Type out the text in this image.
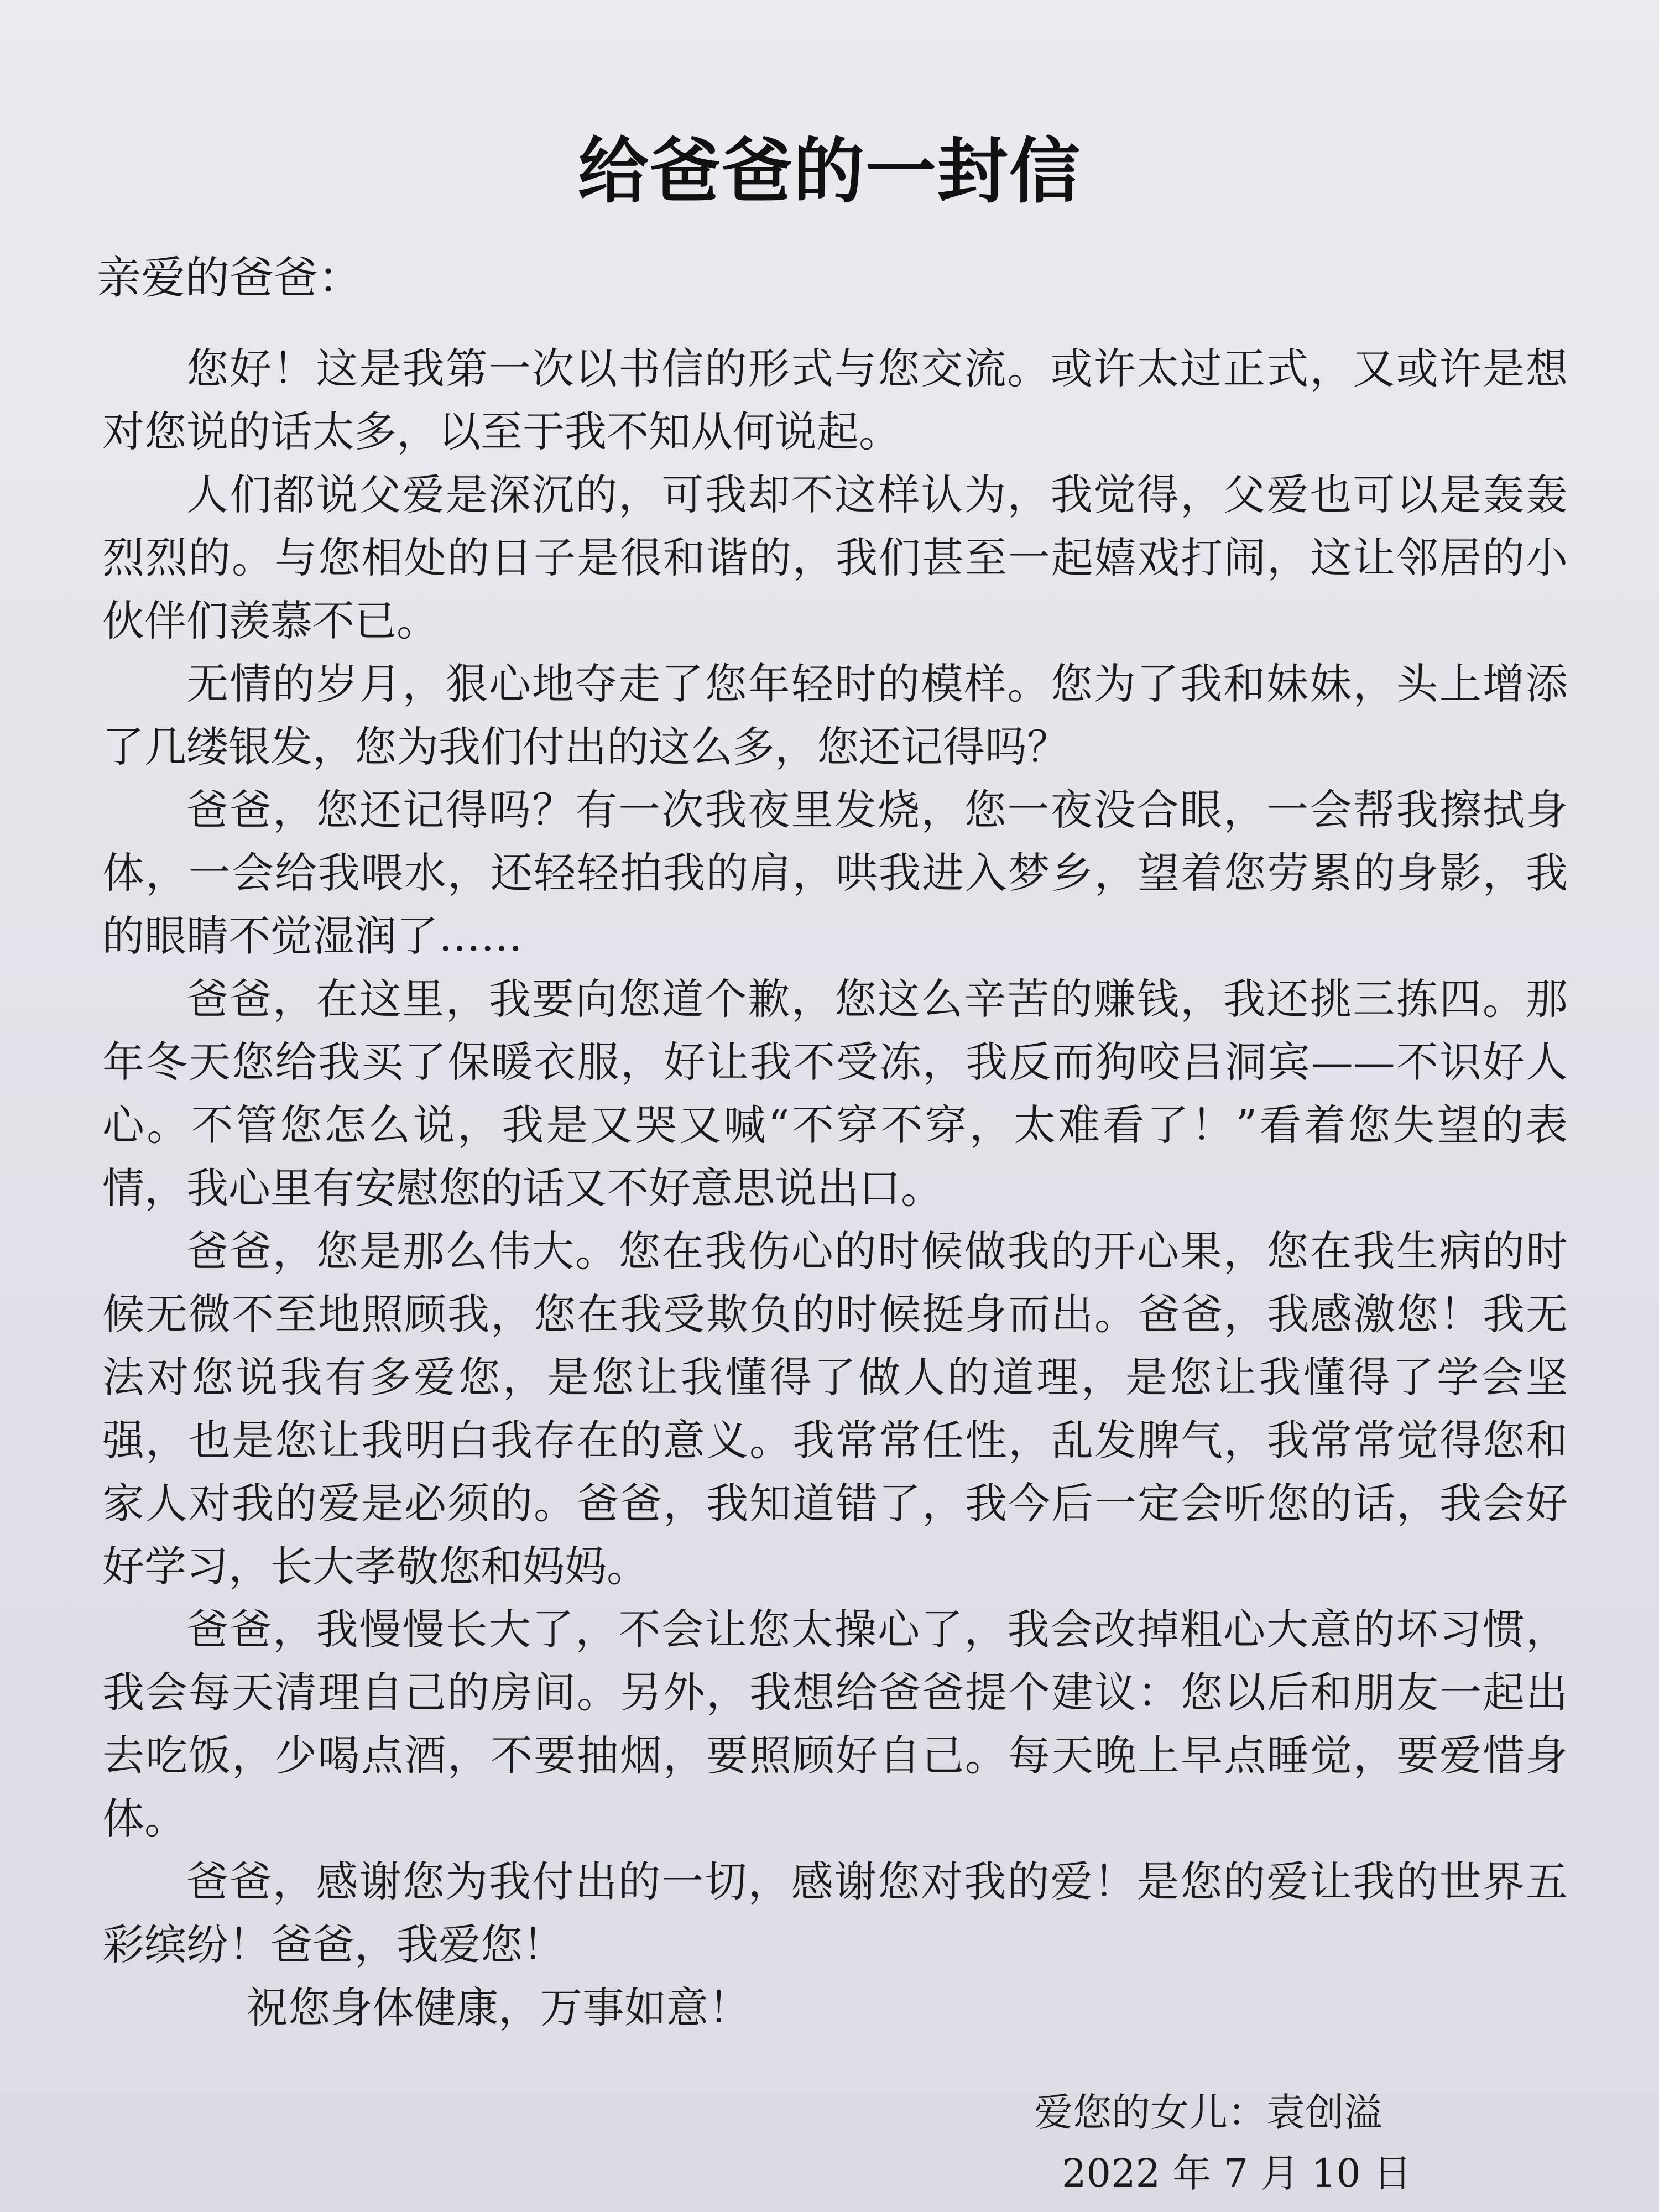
给爸爸的一封信

亲爱的爸爸：

您好！这是我第一次以书信的形式与您交流。或许太过正式，又或许是想对您说的话太多，以至于我不知从何说起。

人们都说父爱是深沉的，可我却不这样认为，我觉得，父爱也可以是轰轰烈烈的。与您相处的日子是很和谐的，我们甚至一起嬉戏打闹，这让邻居的小伙伴们羡慕不已。

无情的岁月，狠心地夺走了您年轻时的模样。您为了我和妹妹，头上增添了几缕银发，您为我们付出的这么多，您还记得吗？

爸爸，您还记得吗？有一次我夜里发烧，您一夜没合眼，一会帮我擦拭身体，一会给我喂水，还轻轻拍我的肩，哄我进入梦乡，望着您劳累的身影，我的眼睛不觉湿润了……

爸爸，在这里，我要向您道个歉，您这么辛苦的赚钱，我还挑三拣四。那年冬天您给我买了保暖衣服，好让我不受冻，我反而狗咬吕洞宾——不识好人心。不管您怎么说，我是又哭又喊“不穿不穿，太难看了！”看着您失望的表情，我心里有安慰您的话又不好意思说出口。

爸爸，您是那么伟大。您在我伤心的时候做我的开心果，您在我生病的时候无微不至地照顾我，您在我受欺负的时候挺身而出。爸爸，我感激您！我无法对您说我有多爱您，是您让我懂得了做人的道理，是您让我懂得了学会坚强，也是您让我明白我存在的意义。我常常任性，乱发脾气，我常常觉得您和家人对我的爱是必须的。爸爸，我知道错了，我今后一定会听您的话，我会好好学习，长大孝敬您和妈妈。

爸爸，我慢慢长大了，不会让您太操心了，我会改掉粗心大意的坏习惯，我会每天清理自己的房间。另外，我想给爸爸提个建议：您以后和朋友一起出去吃饭，少喝点酒，不要抽烟，要照顾好自己。每天晚上早点睡觉，要爱惜身体。

爸爸，感谢您为我付出的一切，感谢您对我的爱！是您的爱让我的世界五彩缤纷！爸爸，我爱您！

祝您身体健康，万事如意！

爱您的女儿：袁创溢

2022 年 7 月 10 日
